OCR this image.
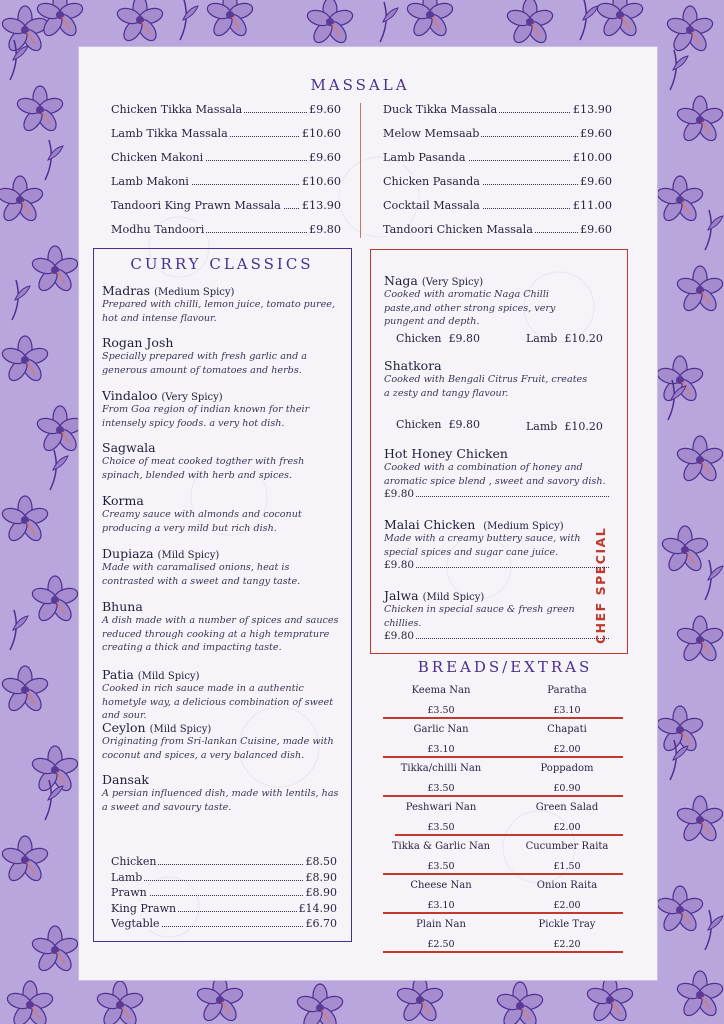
MASSALA
Chicken Tikka Massala	£9.60
Lamb Tikka Massala	£10.60
Chicken Makoni	£9.60
Lamb Makoni	£10.60
Tandoori King Prawn Massala £13.90
Modhu Tandoori	£9.80
Duck Tikka Massala	£13.90
Melow Memsaab	£9.60
Lamb Pasanda	£10.00
Chicken Pasanda	£9.60
Cocktail Massala	£11.00
Tandoori Chicken Massala	£9.60
CURRY CLASSICS
Madras (Medium Spicy)
Prepared with chilli, lemon juice, tomato puree, hot and intense flavour.
Rogan Josh
Specially prepared with fresh garlic and a generous amount of tomatoes and herbs.
Vindaloo (Very Spicy)
From Goa region of indian known for their intensely spicy foods. a very hot dish.
Sagwala
Choice of meat cooked togther with fresh spinach, blended with herb and spices.
Korma
Creamy sauce with almonds and coconut producing a very mild but rich dish.
Dupiaza (Mild Spicy)
Made with caramalised onions, heat is contrasted with a sweet and tangy taste.
Bhuna
A dish made with a number of spices and sauces reduced through cooking at a high temprature creating a thick and impacting taste.
Patia (Mild Spicy)
Cooked in rich sauce made in a authentic hometyle way, a delicious combination of sweet and sour.
Ceylon (Mild Spicy)
Originating from Sri-lankan Cuisine, made with coconut and spices, a very balanced dish.
Dansak
A persian influenced dish, made with lentils, has a sweet and savoury taste.
Chicken	£8.50
Lamb	£8.90
Prawn	£8.90
King Prawn	£14.90
Vegtable	£6.70
CHEF SPECIAL
Naga (Very Spicy)
Cooked with aromatic Naga Chilli paste,and other strong spices, very pungent and depth.
Chicken £9.80	Lamb £10.20
Shatkora
Cooked with Bengali Citrus Fruit, creates a zesty and tangy flavour.
Chicken £9.80	Lamb £10.20
Hot Honey Chicken
Cooked with a combination of honey and aromatic spice blend , sweet and savory dish.
£9.80
Malai Chicken (Medium Spicy)
Made with a creamy buttery sauce, with special spices and sugar cane juice.
£9.80
Jalwa (Mild Spicy)
Chicken in special sauce & fresh green chillies.
£9.80
BREADS/EXTRAS
Keema Nan
£3.50
Paratha
£3.10
Garlic Nan
£3.10
Chapati
£2.00
Tikka/chilli Nan
£3.50
Poppadom
£0.90
Peshwari Nan
£3.50
Green Salad
£2.00
Tikka & Garlic Nan
£3.50
Cucumber Raita
£1.50
Cheese Nan
£3.10
Onion Raita
£2.00
Plain Nan
£2.50
Pickle Tray
£2.20
